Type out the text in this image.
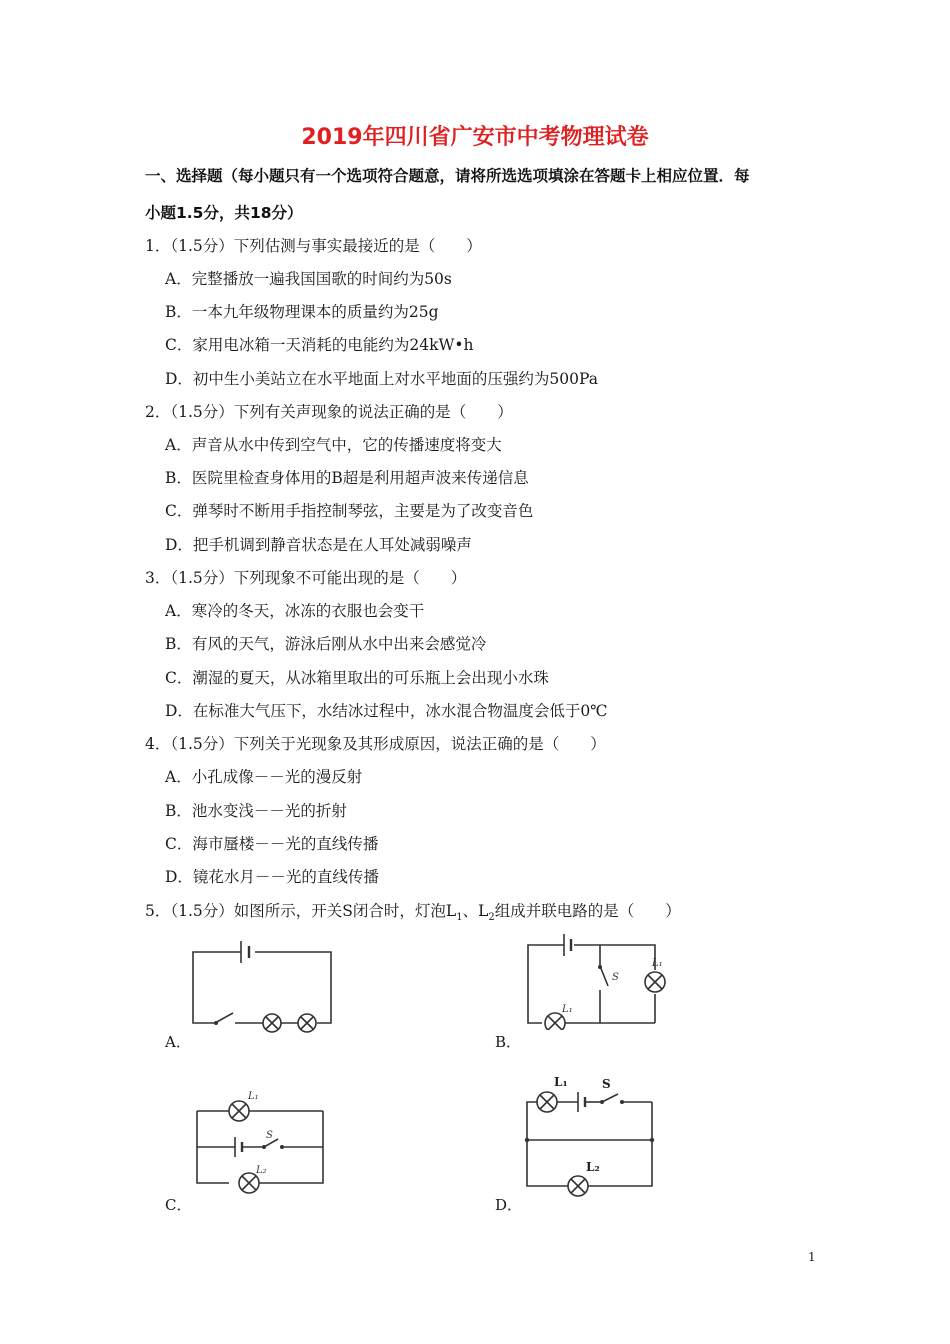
2019年四川省广安市中考物理试卷
一、选择题（每小题只有一个选项符合题意，请将所选选项填涂在答题卡上相应位置．每
小题1.5分，共18分）
1．（1.5分）下列估测与事实最接近的是（　　）
A．完整播放一遍我国国歌的时间约为50s
B．一本九年级物理课本的质量约为25g
C．家用电冰箱一天消耗的电能约为24kW•h
D．初中生小美站立在水平地面上对水平地面的压强约为500Pa
2．（1.5分）下列有关声现象的说法正确的是（　　）
A．声音从水中传到空气中，它的传播速度将变大
B．医院里检查身体用的B超是利用超声波来传递信息
C．弹琴时不断用手指控制琴弦，主要是为了改变音色
D．把手机调到静音状态是在人耳处减弱噪声
3．（1.5分）下列现象不可能出现的是（　　）
A．寒冷的冬天，冰冻的衣服也会变干
B．有风的天气，游泳后刚从水中出来会感觉冷
C．潮湿的夏天，从冰箱里取出的可乐瓶上会出现小水珠
D．在标准大气压下，水结冰过程中，冰水混合物温度会低于0℃
4．（1.5分）下列关于光现象及其形成原因，说法正确的是（　　）
A．小孔成像－－光的漫反射
B．池水变浅－－光的折射
C．海市蜃楼－－光的直线传播
D．镜花水月－－光的直线传播
5．（1.5分）如图所示，开关S闭合时，灯泡$L_1$、$L_2$组成并联电路的是（　　）
A．
S
L₁
L₁
B．
S
L₁
L₂
C．
L₁	S
L₂
D．
1
